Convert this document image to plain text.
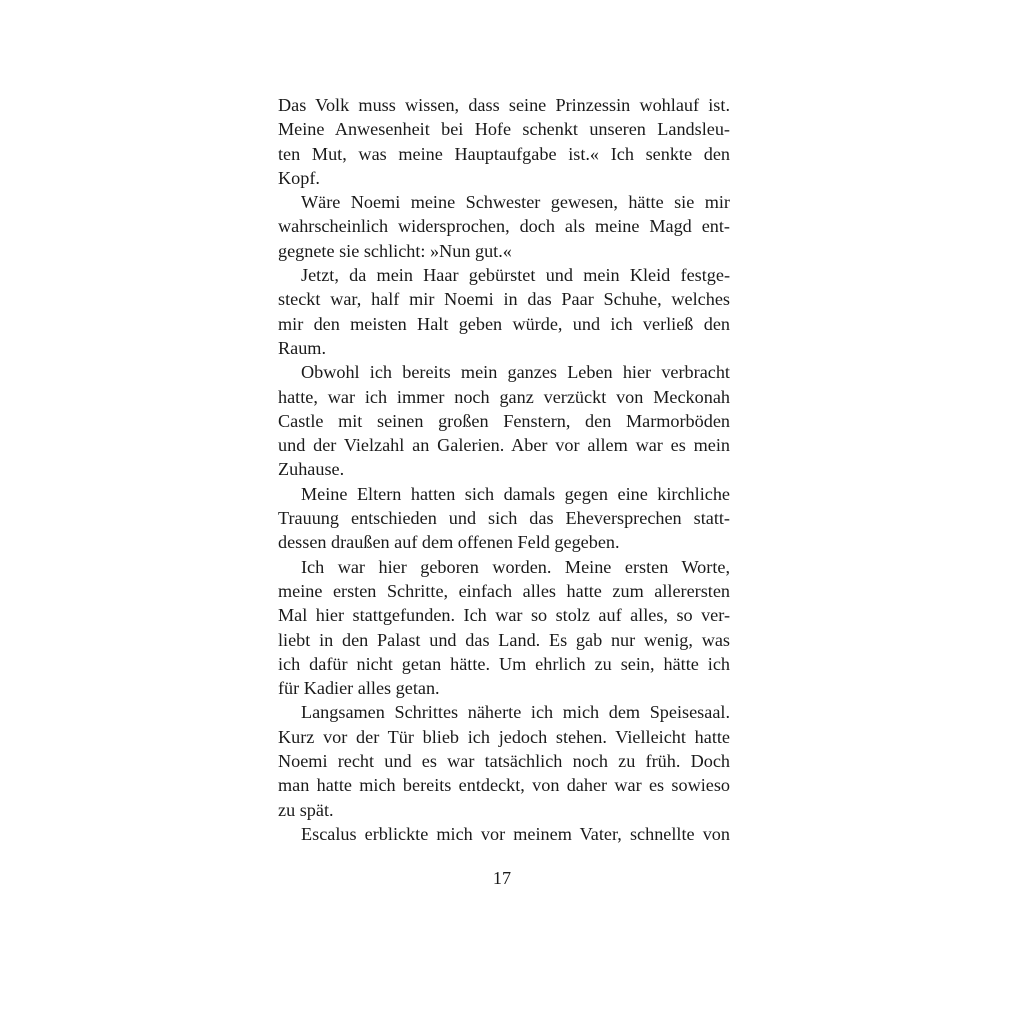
Das Volk muss wissen, dass seine Prinzessin wohlauf ist.
Meine Anwesenheit bei Hofe schenkt unseren Landsleu-
ten Mut, was meine Hauptaufgabe ist.« Ich senkte den
Kopf.
Wäre Noemi meine Schwester gewesen, hätte sie mir
wahrscheinlich widersprochen, doch als meine Magd ent-
gegnete sie schlicht: »Nun gut.«
Jetzt, da mein Haar gebürstet und mein Kleid festge-
steckt war, half mir Noemi in das Paar Schuhe, welches
mir den meisten Halt geben würde, und ich verließ den
Raum.
Obwohl ich bereits mein ganzes Leben hier verbracht
hatte, war ich immer noch ganz verzückt von Meckonah
Castle mit seinen großen Fenstern, den Marmorböden
und der Vielzahl an Galerien. Aber vor allem war es mein
Zuhause.
Meine Eltern hatten sich damals gegen eine kirchliche
Trauung entschieden und sich das Eheversprechen statt-
dessen draußen auf dem offenen Feld gegeben.
Ich war hier geboren worden. Meine ersten Worte,
meine ersten Schritte, einfach alles hatte zum allerersten
Mal hier stattgefunden. Ich war so stolz auf alles, so ver-
liebt in den Palast und das Land. Es gab nur wenig, was
ich dafür nicht getan hätte. Um ehrlich zu sein, hätte ich
für Kadier alles getan.
Langsamen Schrittes näherte ich mich dem Speisesaal.
Kurz vor der Tür blieb ich jedoch stehen. Vielleicht hatte
Noemi recht und es war tatsächlich noch zu früh. Doch
man hatte mich bereits entdeckt, von daher war es sowieso
zu spät.
Escalus erblickte mich vor meinem Vater, schnellte von
17
